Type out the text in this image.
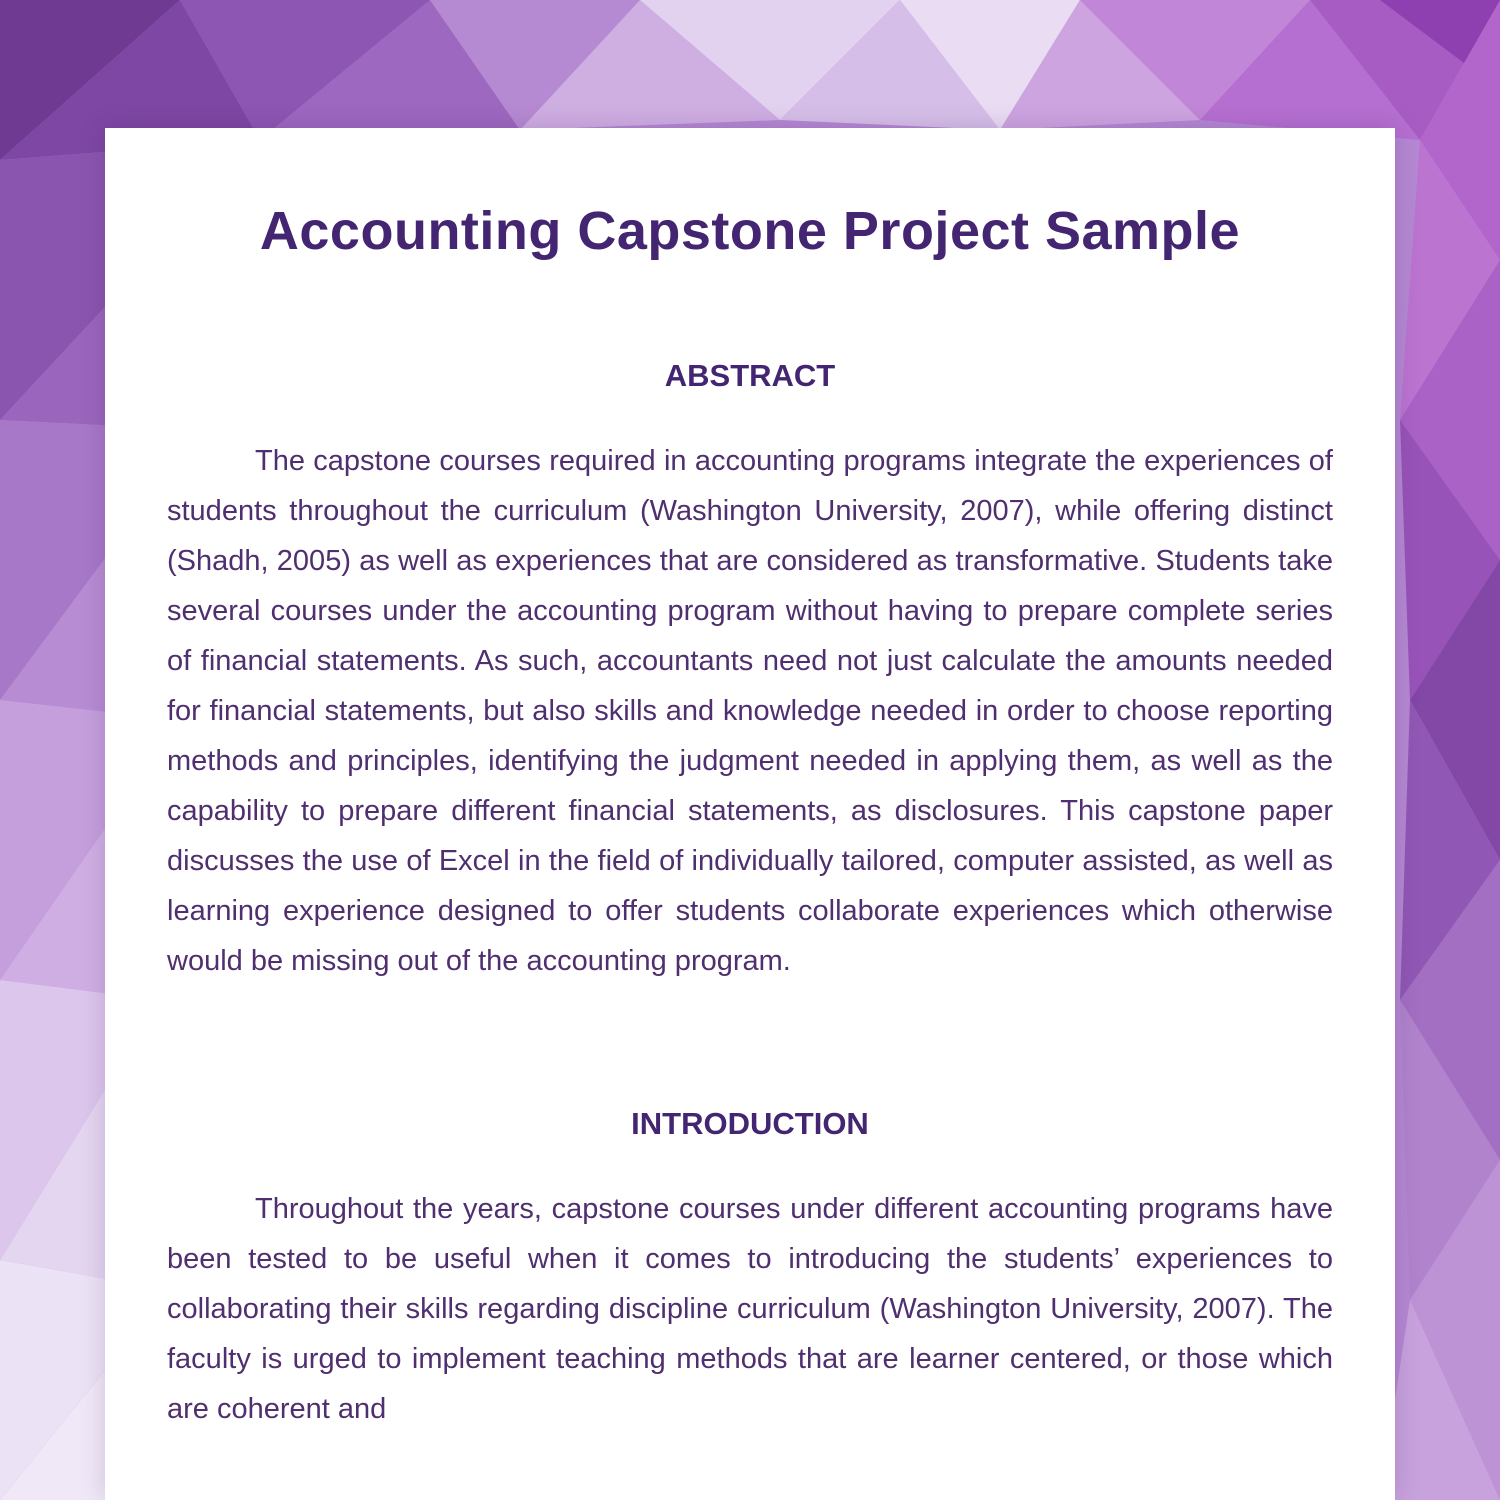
Accounting Capstone Project Sample
ABSTRACT

The capstone courses required in accounting programs integrate the experiences of students throughout the curriculum (Washington University, 2007), while offering distinct (Shadh, 2005) as well as experiences that are considered as transformative. Students take several courses under the accounting program without having to prepare complete series of financial statements. As such, accountants need not just calculate the amounts needed for financial statements, but also skills and knowledge needed in order to choose reporting methods and principles, identifying the judgment needed in applying them, as well as the capability to prepare different financial statements, as disclosures. This capstone paper discusses the use of Excel in the field of individually tailored, computer assisted, as well as learning experience designed to offer students collaborate experiences which otherwise would be missing out of the accounting program.

INTRODUCTION

Throughout the years, capstone courses under different accounting programs have been tested to be useful when it comes to introducing the students’ experiences to collaborating their skills regarding discipline curriculum (Washington University, 2007). The faculty is urged to implement teaching methods that are learner centered, or those which are coherent and
